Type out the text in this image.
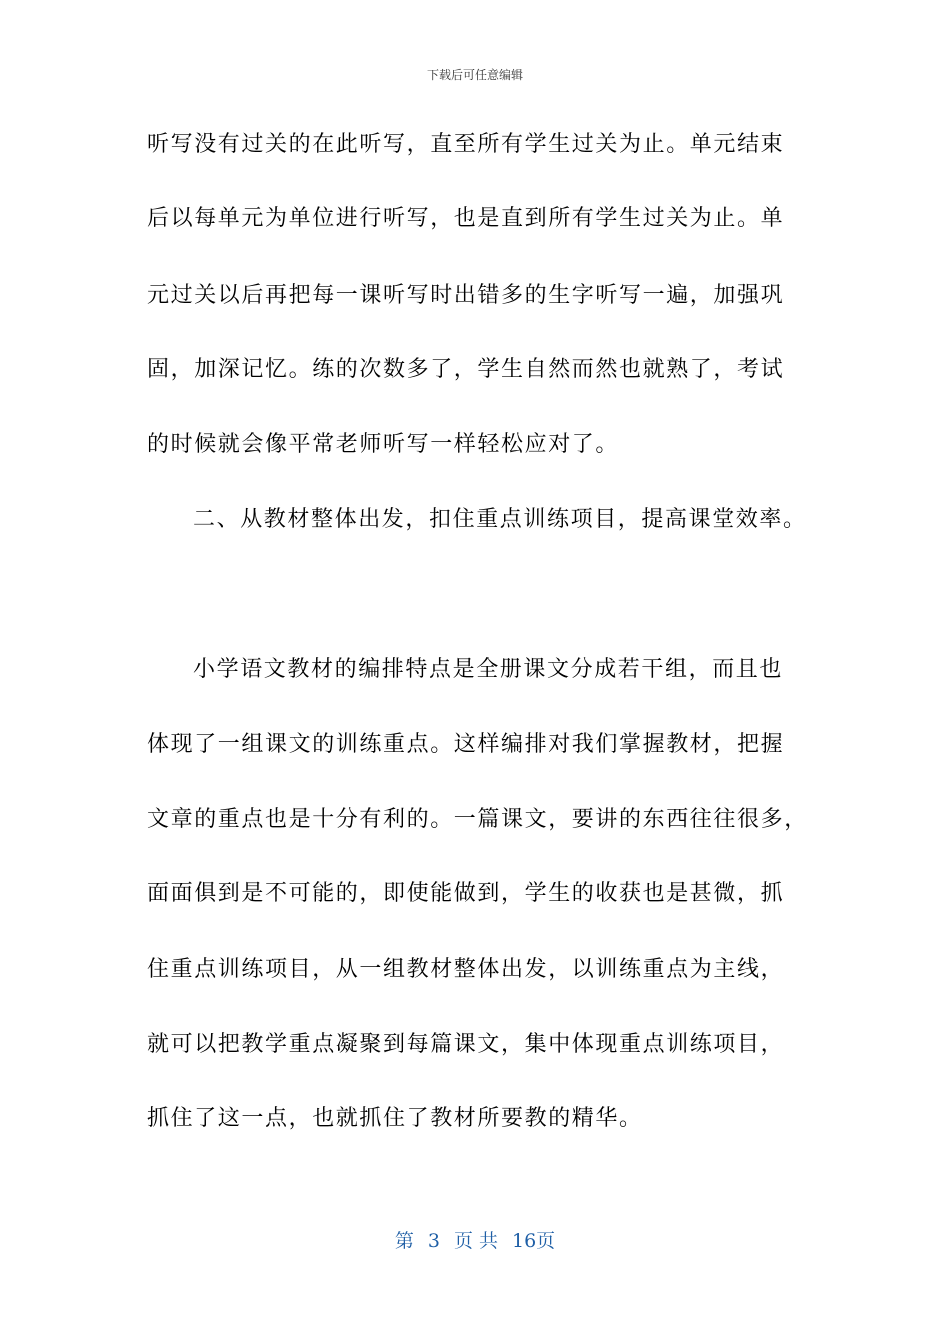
下载后可任意编辑
听写没有过关的在此听写，直至所有学生过关为止。单元结束
后以每单元为单位进行听写，也是直到所有学生过关为止。单
元过关以后再把每一课听写时出错多的生字听写一遍，加强巩
固，加深记忆。练的次数多了，学生自然而然也就熟了，考试
的时候就会像平常老师听写一样轻松应对了。
二、从教材整体出发，扣住重点训练项目，提高课堂效率。
小学语文教材的编排特点是全册课文分成若干组，而且也
体现了一组课文的训练重点。这样编排对我们掌握教材，把握
文章的重点也是十分有利的。一篇课文，要讲的东西往往很多，
面面俱到是不可能的，即使能做到，学生的收获也是甚微，抓
住重点训练项目，从一组教材整体出发，以训练重点为主线，
就可以把教学重点凝聚到每篇课文，集中体现重点训练项目，
抓住了这一点，也就抓住了教材所要教的精华。
第 3 页 共 16页
